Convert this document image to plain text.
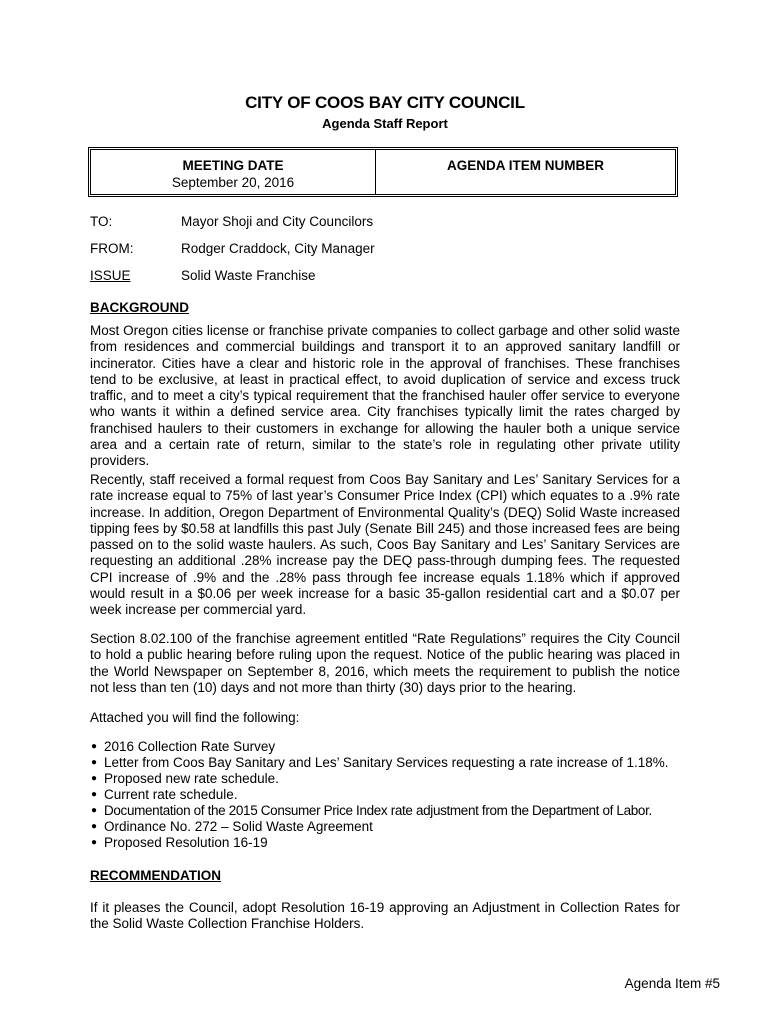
CITY OF COOS BAY CITY COUNCIL
Agenda Staff Report
MEETING DATE
September 20, 2016
AGENDA ITEM NUMBER
TO:	Mayor Shoji and City Councilors
FROM:	Rodger Craddock, City Manager
ISSUE	Solid Waste Franchise
BACKGROUND

Most Oregon cities license or franchise private companies to collect garbage and other solid waste from residences and commercial buildings and transport it to an approved sanitary landfill or incinerator. Cities have a clear and historic role in the approval of franchises. These franchises tend to be exclusive, at least in practical effect, to avoid duplication of service and excess truck traffic, and to meet a city’s typical requirement that the franchised hauler offer service to everyone who wants it within a defined service area. City franchises typically limit the rates charged by franchised haulers to their customers in exchange for allowing the hauler both a unique service area and a certain rate of return, similar to the state’s role in regulating other private utility providers.

Recently, staff received a formal request from Coos Bay Sanitary and Les’ Sanitary Services for a rate increase equal to 75% of last year’s Consumer Price Index (CPI) which equates to a .9% rate increase. In addition, Oregon Department of Environmental Quality’s (DEQ) Solid Waste increased tipping fees by $0.58 at landfills this past July (Senate Bill 245) and those increased fees are being passed on to the solid waste haulers. As such, Coos Bay Sanitary and Les’ Sanitary Services are requesting an additional .28% increase pay the DEQ pass-through dumping fees. The requested CPI increase of .9% and the .28% pass through fee increase equals 1.18% which if approved would result in a $0.06 per week increase for a basic 35-gallon residential cart and a $0.07 per week increase per commercial yard.

Section 8.02.100 of the franchise agreement entitled “Rate Regulations” requires the City Council to hold a public hearing before ruling upon the request. Notice of the public hearing was placed in the World Newspaper on September 8, 2016, which meets the requirement to publish the notice not less than ten (10) days and not more than thirty (30) days prior to the hearing.

Attached you will find the following:

● 2016 Collection Rate Survey
● Letter from Coos Bay Sanitary and Les’ Sanitary Services requesting a rate increase of 1.18%.
● Proposed new rate schedule.
● Current rate schedule.
● Documentation of the 2015 Consumer Price Index rate adjustment from the Department of Labor.
● Ordinance No. 272 – Solid Waste Agreement
● Proposed Resolution 16-19
RECOMMENDATION

If it pleases the Council, adopt Resolution 16-19 approving an Adjustment in Collection Rates for the Solid Waste Collection Franchise Holders.

Agenda Item #5
